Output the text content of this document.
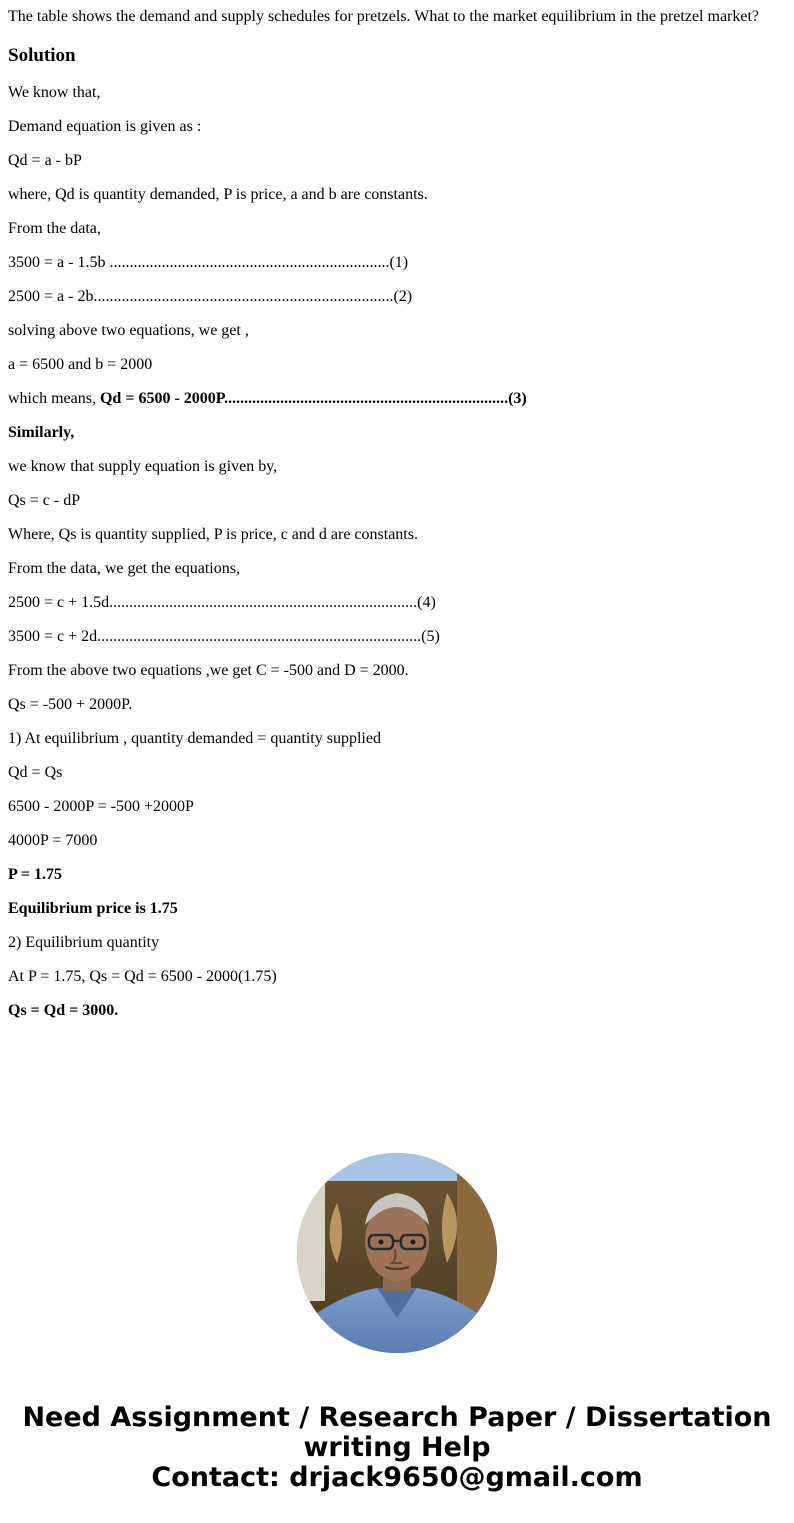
The table shows the demand and supply schedules for pretzels. What to the market equilibrium in the pretzel market?
Solution
We know that,
Demand equation is given as :
Qd = a - bP
where, Qd is quantity demanded, P is price, a and b are constants.
From the data,
3500 = a - 1.5b ......................................................................(1)
2500 = a - 2b...........................................................................(2)
solving above two equations, we get ,
a = 6500 and b = 2000
which means, Qd = 6500 - 2000P.......................................................................(3)
Similarly,
we know that supply equation is given by,
Qs = c - dP
Where, Qs is quantity supplied, P is price, c and d are constants.
From the data, we get the equations,
2500 = c + 1.5d.............................................................................(4)
3500 = c + 2d.................................................................................(5)
From the above two equations ,we get C = -500 and D = 2000.
Qs = -500 + 2000P.
1) At equilibrium , quantity demanded = quantity supplied
Qd = Qs
6500 - 2000P = -500 +2000P
4000P = 7000
P = 1.75
Equilibrium price is 1.75
2) Equilibrium quantity
At P = 1.75, Qs = Qd = 6500 - 2000(1.75)
Qs = Qd = 3000.
Need Assignment / Research Paper / Dissertation
writing Help
Contact: drjack9650@gmail.com
